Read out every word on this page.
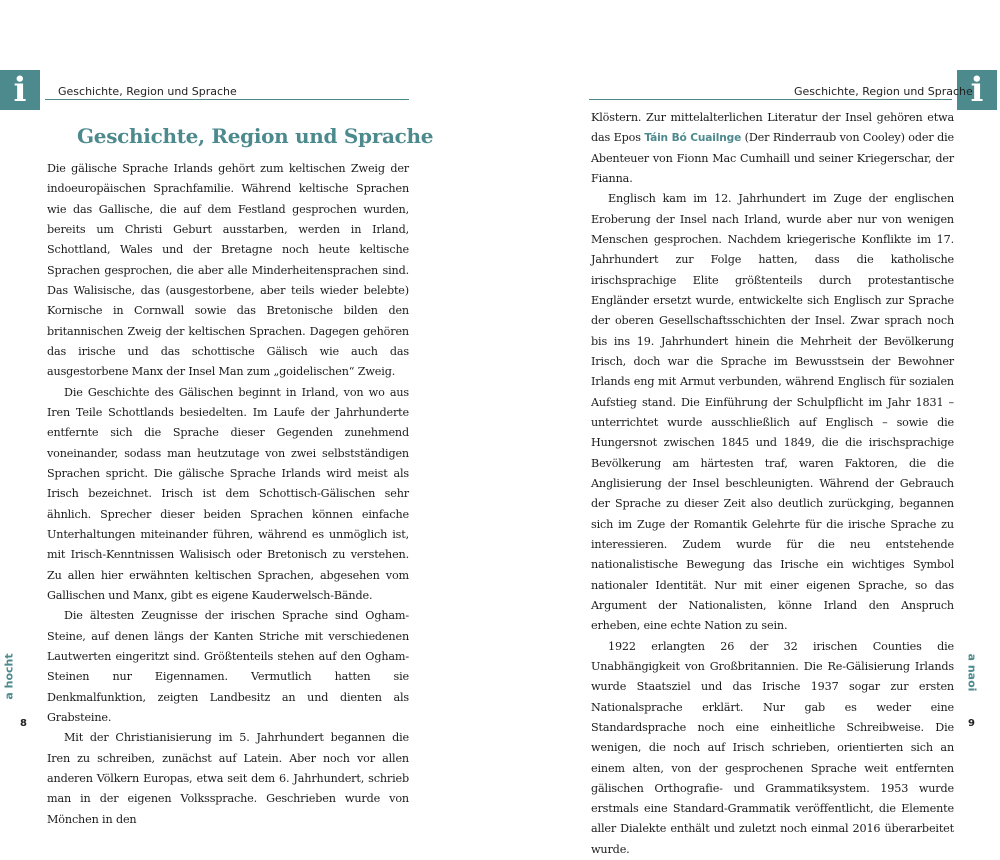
i	Geschichte, Region und Sprache
Geschichte, Region und Sprache

Die gälische Sprache Irlands gehört zum keltischen Zweig der indoeuropäischen Sprachfamilie. Während keltische Sprachen wie das Gallische, die auf dem Festland gesprochen wurden, bereits um Christi Geburt ausstarben, werden in Irland, Schottland, Wales und der Bretagne noch heute keltische Sprachen gesprochen, die aber alle Minderheitensprachen sind. Das Walisische, das (ausgestorbene, aber teils wieder belebte) Kornische in Cornwall sowie das Bretonische bilden den britannischen Zweig der keltischen Sprachen. Dagegen gehören das irische und das schottische Gälisch wie auch das ausgestorbene Manx der Insel Man zum „goidelischen“ Zweig.

Die Geschichte des Gälischen beginnt in Irland, von wo aus Iren Teile Schottlands besiedelten. Im Laufe der Jahrhunderte entfernte sich die Sprache dieser Gegenden zunehmend voneinander, sodass man heutzutage von zwei selbstständigen Sprachen spricht. Die gälische Sprache Irlands wird meist als Irisch bezeichnet. Irisch ist dem Schottisch-Gälischen sehr ähnlich. Sprecher dieser beiden Sprachen können einfache Unterhaltungen miteinander führen, während es unmöglich ist, mit Irisch-Kenntnissen Walisisch oder Bretonisch zu verstehen. Zu allen hier erwähnten keltischen Sprachen, abgesehen vom Gallischen und Manx, gibt es eigene Kauderwelsch-Bände.

Die ältesten Zeugnisse der irischen Sprache sind Ogham-Steine, auf denen längs der Kanten Striche mit verschiedenen Lautwerten eingeritzt sind. Größtenteils stehen auf den Ogham-Steinen nur Eigennamen. Vermutlich hatten sie Denkmalfunktion, zeigten Landbesitz an und dienten als Grabsteine.

Mit der Christianisierung im 5. Jahrhundert begannen die Iren zu schreiben, zunächst auf Latein. Aber noch vor allen anderen Völkern Europas, etwa seit dem 6. Jahrhundert, schrieb man in der eigenen Volkssprache. Geschrieben wurde von Mönchen in den

a hocht
8
i
Geschichte, Region und Sprache

Klöstern. Zur mittelalterlichen Literatur der Insel gehören etwa das Epos Táin Bó Cuailnge (Der Rinderraub von Cooley) oder die Abenteuer von Fionn Mac Cumhaill und seiner Kriegerschar, der Fianna.

Englisch kam im 12. Jahrhundert im Zuge der englischen Eroberung der Insel nach Irland, wurde aber nur von wenigen Menschen gesprochen. Nachdem kriegerische Konflikte im 17. Jahrhundert zur Folge hatten, dass die katholische irischsprachige Elite größtenteils durch protestantische Engländer ersetzt wurde, entwickelte sich Englisch zur Sprache der oberen Gesellschaftsschichten der Insel. Zwar sprach noch bis ins 19. Jahrhundert hinein die Mehrheit der Bevölkerung Irisch, doch war die Sprache im Bewusstsein der Bewohner Irlands eng mit Armut verbunden, während Englisch für sozialen Aufstieg stand. Die Einführung der Schulpflicht im Jahr 1831 – unterrichtet wurde ausschließlich auf Englisch – sowie die Hungersnot zwischen 1845 und 1849, die die irischsprachige Bevölkerung am härtesten traf, waren Faktoren, die die Anglisierung der Insel beschleunigten. Während der Gebrauch der Sprache zu dieser Zeit also deutlich zurückging, begannen sich im Zuge der Romantik Gelehrte für die irische Sprache zu interessieren. Zudem wurde für die neu entstehende nationalistische Bewegung das Irische ein wichtiges Symbol nationaler Identität. Nur mit einer eigenen Sprache, so das Argument der Nationalisten, könne Irland den Anspruch erheben, eine echte Nation zu sein.

1922 erlangten 26 der 32 irischen Counties die Unabhängigkeit von Großbritannien. Die Re-Gälisierung Irlands wurde Staatsziel und das Irische 1937 sogar zur ersten Nationalsprache erklärt. Nur gab es weder eine Standardsprache noch eine einheitliche Schreibweise. Die wenigen, die noch auf Irisch schrieben, orientierten sich an einem alten, von der gesprochenen Sprache weit entfernten gälischen Orthografie- und Grammatiksystem. 1953 wurde erstmals eine Standard-Grammatik veröffentlicht, die Elemente aller Dialekte enthält und zuletzt noch einmal 2016 überarbeitet wurde.

a naoi
9
